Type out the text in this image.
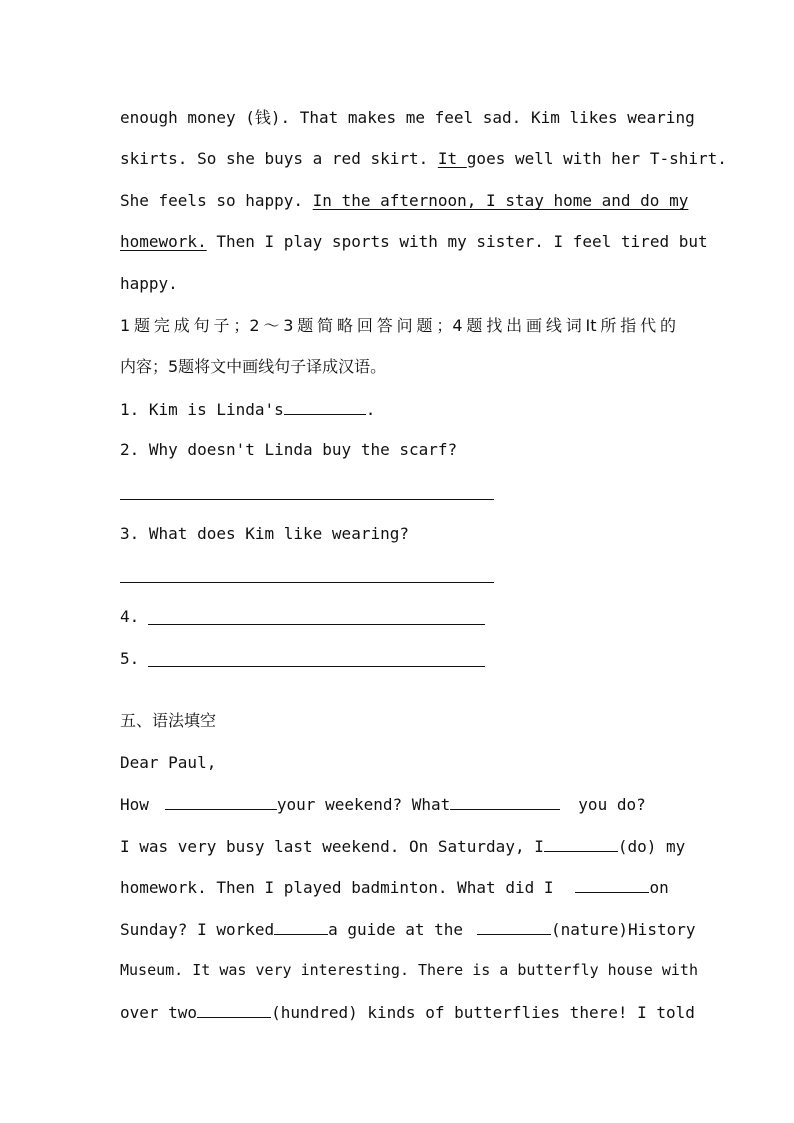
enough money (钱). That makes me feel sad. Kim likes wearing
skirts. So she buys a red skirt. It goes well with her T-shirt.
She feels so happy. In the afternoon, I stay home and do my
homework. Then I play sports with my sister. I feel tired but
happy.
1题完成句子；2～3题简略回答问题；4题找出画线词It所指代的
内容；5题将文中画线句子译成汉语。
1. Kim is Linda's	.
2. Why doesn't Linda buy the scarf?
3. What does Kim like wearing?
4.
5.
五、语法填空
Dear Paul,
How	your weekend? What	you do?
I was very busy last weekend. On Saturday, I	(do) my
homework. Then I played badminton. What did I	on
Sunday? I worked	a guide at the	(nature)History
Museum. It was very interesting. There is a butterfly house with
over two	(hundred) kinds of butterflies there! I told
